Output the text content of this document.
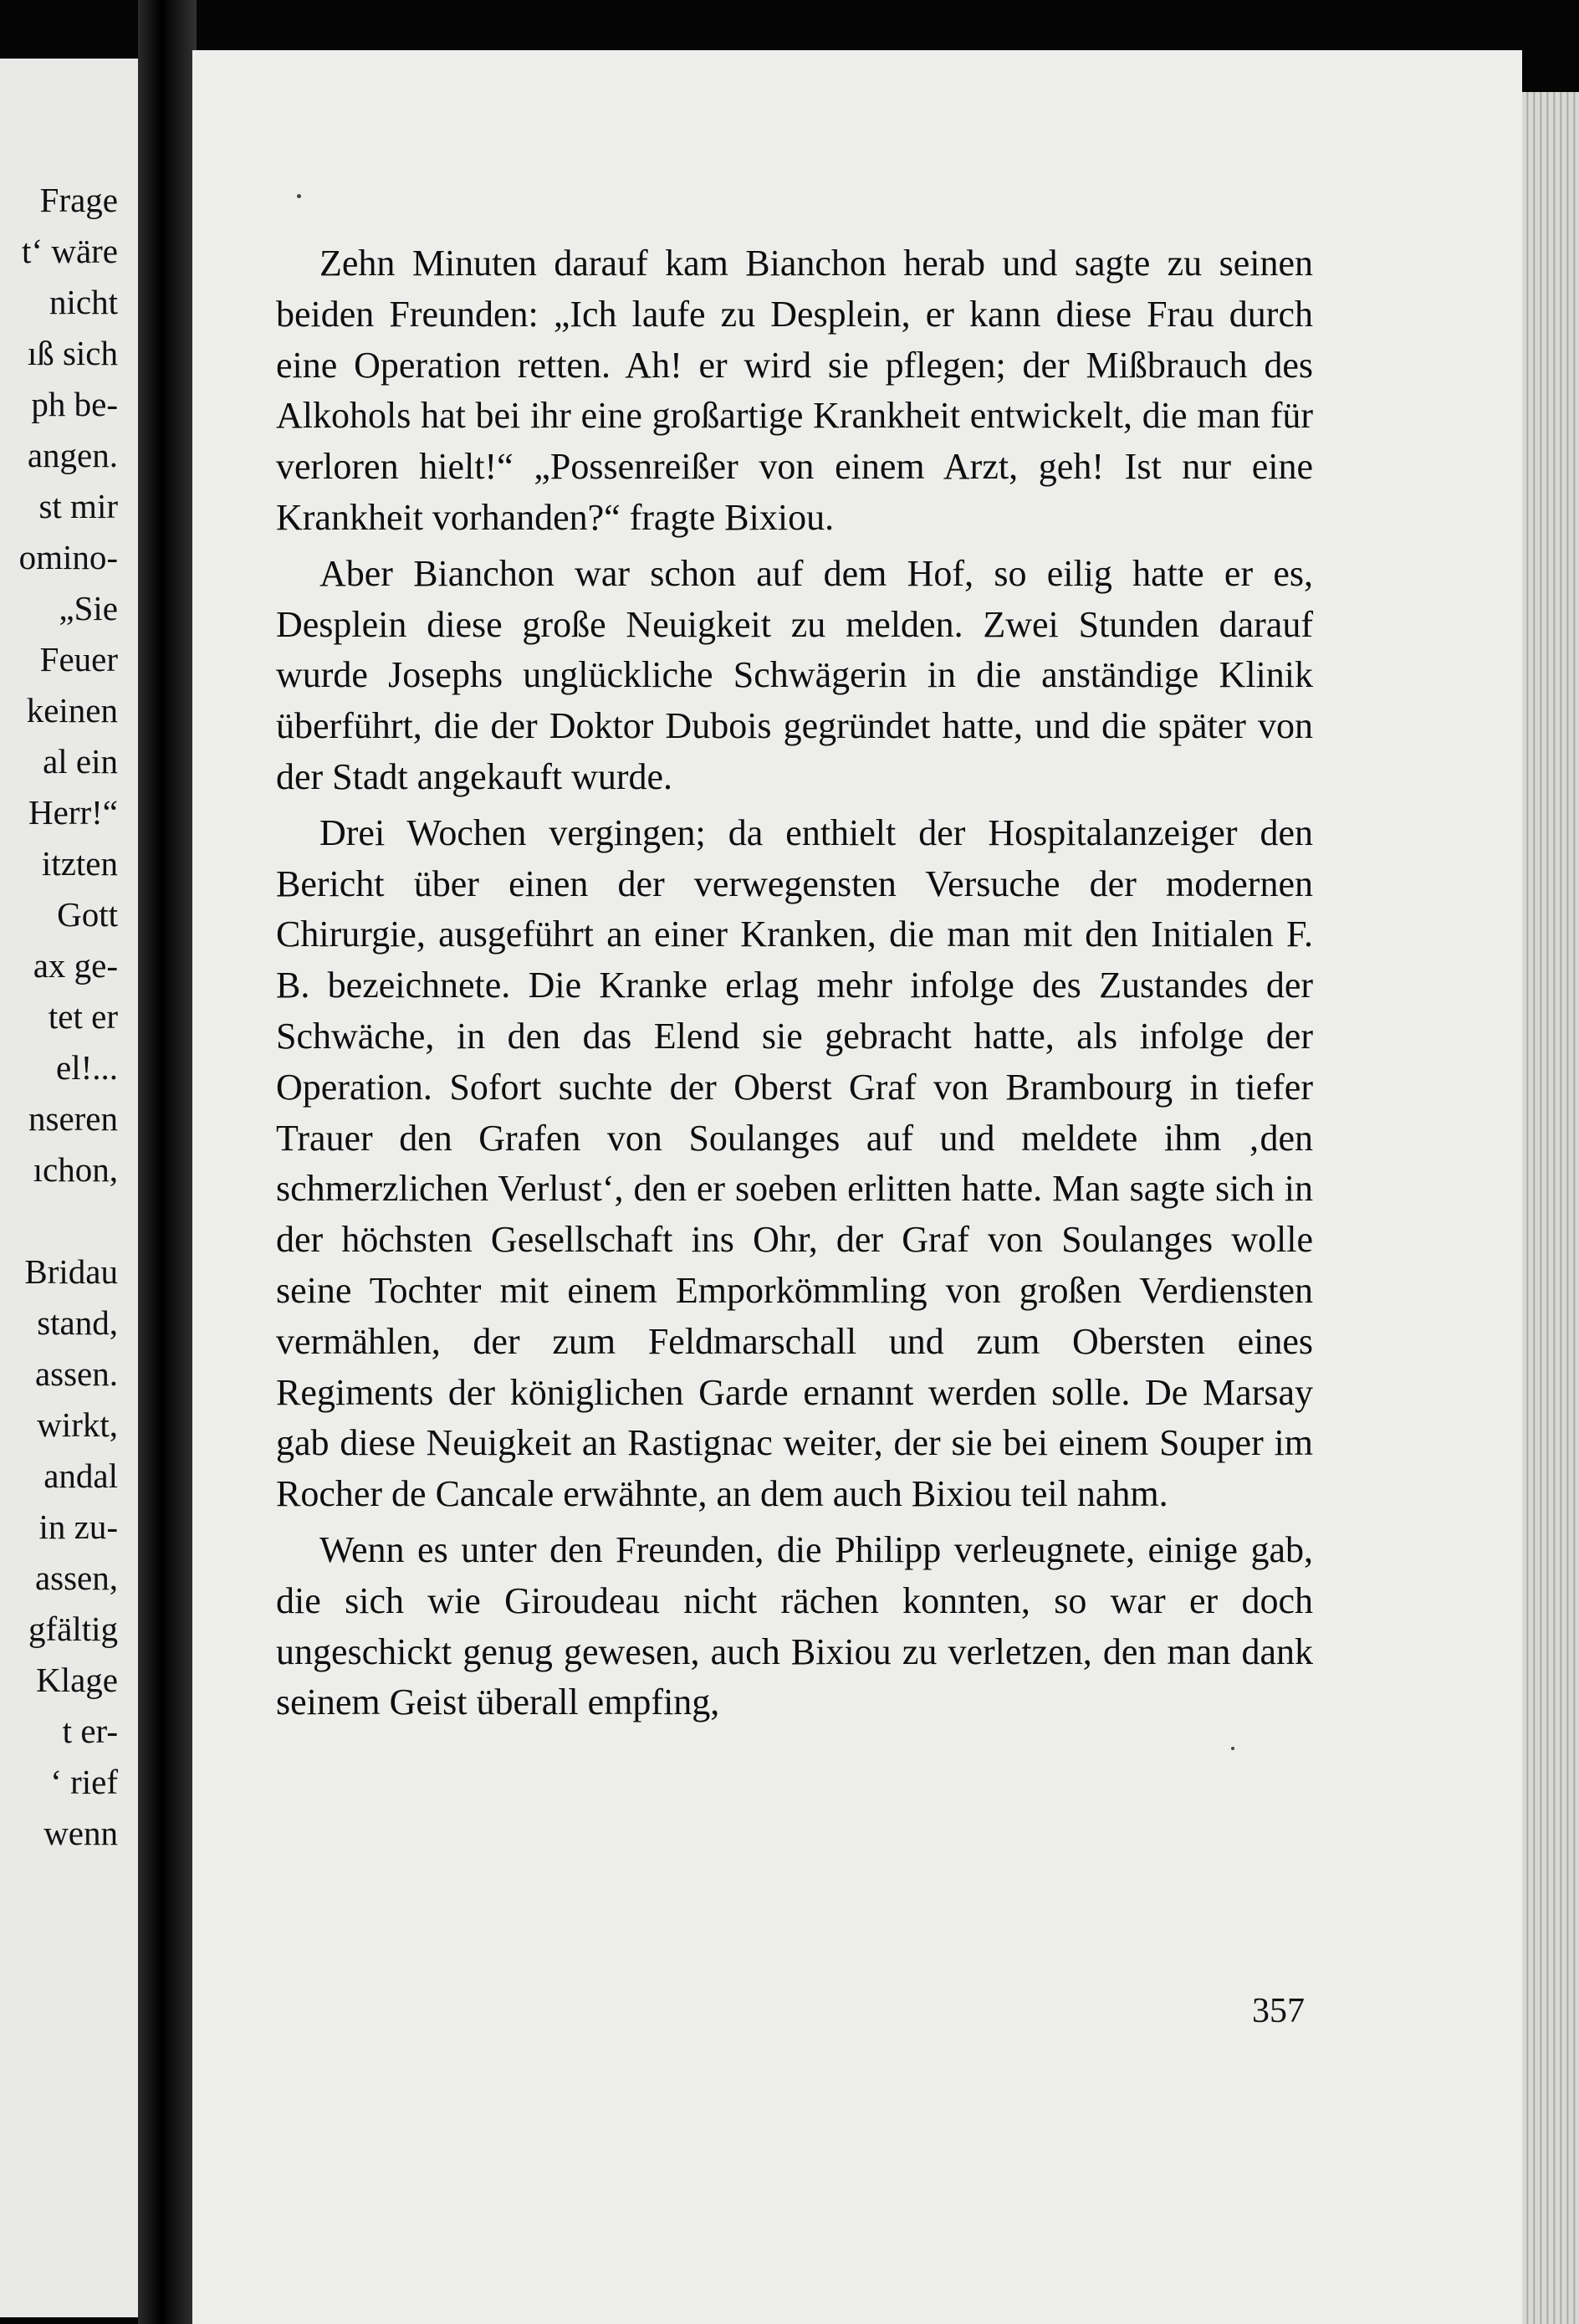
Frage
t‘ wäre
nicht
ıß sich
ph be-
angen.
st mir
omino-
„Sie
Feuer
keinen
al ein
Herr!“
itzten
Gott
ax ge-
tet er
el!...
nseren
ıchon,
Bridau
stand,
assen.
wirkt,
andal
in zu-
assen,
gfältig
Klage
t er-
‘ rief
wenn

Zehn Minuten darauf kam Bianchon herab und sagte zu seinen beiden Freunden: „Ich laufe zu Desplein, er kann diese Frau durch eine Operation retten. Ah! er wird sie pflegen; der Mißbrauch des Alkohols hat bei ihr eine großartige Krankheit entwickelt, die man für verloren hielt!“ „Possenreißer von einem Arzt, geh! Ist nur eine Krankheit vorhanden?“ fragte Bixiou.

Aber Bianchon war schon auf dem Hof, so eilig hatte er es, Desplein diese große Neuigkeit zu melden. Zwei Stunden darauf wurde Josephs unglückliche Schwägerin in die anständige Klinik überführt, die der Doktor Dubois gegründet hatte, und die später von der Stadt angekauft wurde.

Drei Wochen vergingen; da enthielt der Hospitalanzeiger den Bericht über einen der verwegensten Versuche der modernen Chirurgie, ausgeführt an einer Kranken, die man mit den Initialen F. B. bezeichnete. Die Kranke erlag mehr infolge des Zustandes der Schwäche, in den das Elend sie gebracht hatte, als infolge der Operation. Sofort suchte der Oberst Graf von Brambourg in tiefer Trauer den Grafen von Soulanges auf und meldete ihm ‚den schmerzlichen Verlust‘, den er soeben erlitten hatte. Man sagte sich in der höchsten Gesellschaft ins Ohr, der Graf von Soulanges wolle seine Tochter mit einem Emporkömmling von großen Verdiensten vermählen, der zum Feldmarschall und zum Obersten eines Regiments der königlichen Garde ernannt werden solle. De Marsay gab diese Neuigkeit an Rastignac weiter, der sie bei einem Souper im Rocher de Cancale erwähnte, an dem auch Bixiou teil nahm.

Wenn es unter den Freunden, die Philipp verleugnete, einige gab, die sich wie Giroudeau nicht rächen konnten, so war er doch ungeschickt genug gewesen, auch Bixiou zu verletzen, den man dank seinem Geist überall empfing,

357
